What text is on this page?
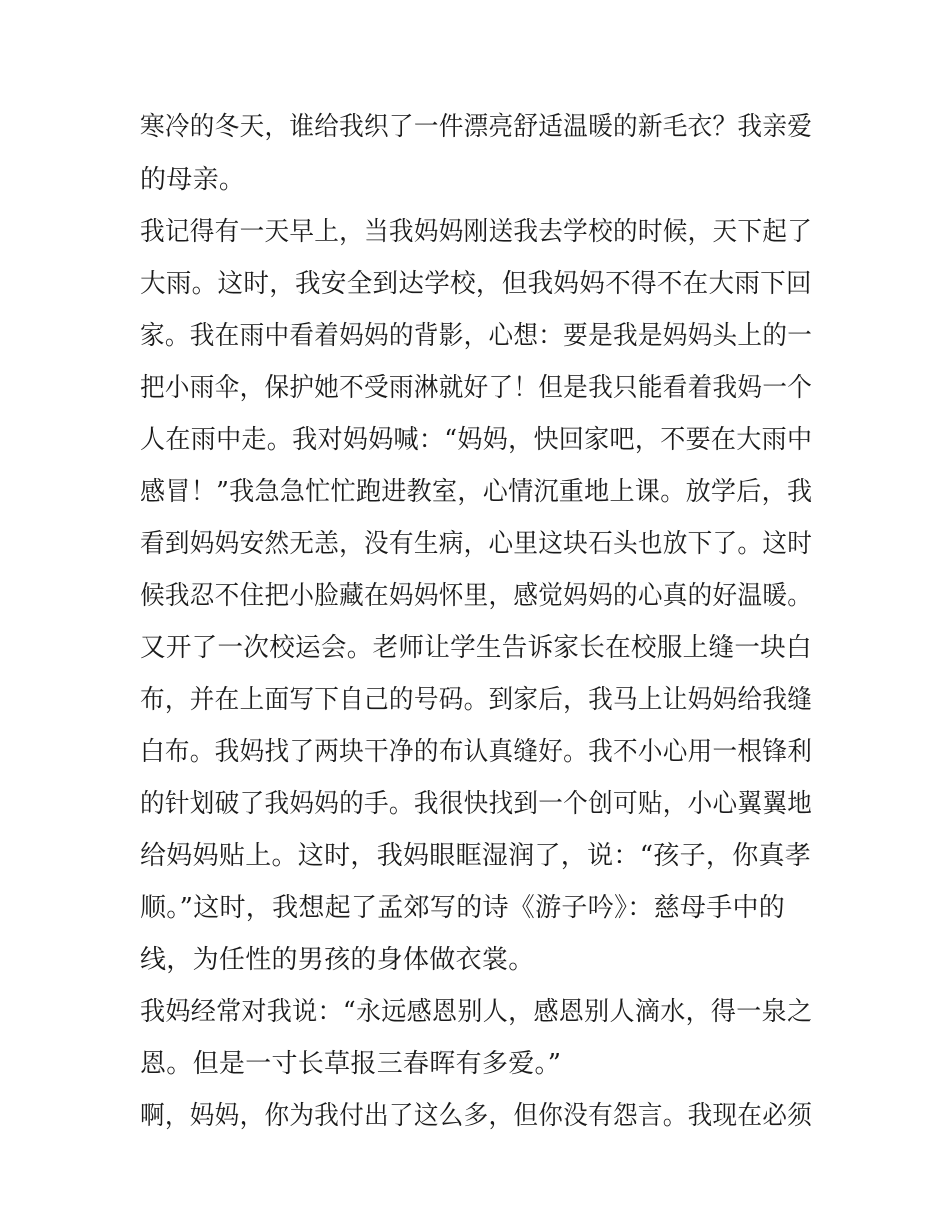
寒冷的冬天，谁给我织了一件漂亮舒适温暖的新毛衣？我亲爱
的母亲。
我记得有一天早上，当我妈妈刚送我去学校的时候，天下起了
大雨。这时，我安全到达学校，但我妈妈不得不在大雨下回
家。我在雨中看着妈妈的背影，心想：要是我是妈妈头上的一
把小雨伞，保护她不受雨淋就好了！但是我只能看着我妈一个
人在雨中走。我对妈妈喊：“妈妈，快回家吧，不要在大雨中
感冒！”我急急忙忙跑进教室，心情沉重地上课。放学后，我
看到妈妈安然无恙，没有生病，心里这块石头也放下了。这时
候我忍不住把小脸藏在妈妈怀里，感觉妈妈的心真的好温暖。
又开了一次校运会。老师让学生告诉家长在校服上缝一块白
布，并在上面写下自己的号码。到家后，我马上让妈妈给我缝
白布。我妈找了两块干净的布认真缝好。我不小心用一根锋利
的针划破了我妈妈的手。我很快找到一个创可贴，小心翼翼地
给妈妈贴上。这时，我妈眼眶湿润了，说：“孩子，你真孝
顺。”这时，我想起了孟郊写的诗《游子吟》：慈母手中的
线，为任性的男孩的身体做衣裳。
我妈经常对我说：“永远感恩别人，感恩别人滴水，得一泉之
恩。但是一寸长草报三春晖有多爱。”
啊，妈妈，你为我付出了这么多，但你没有怨言。我现在必须
